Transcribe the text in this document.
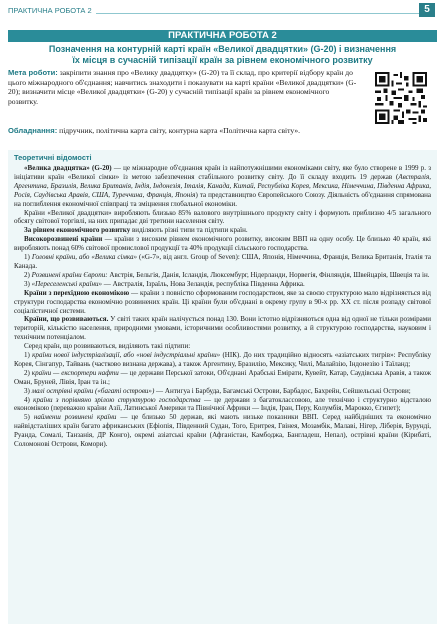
ПРАКТИЧНА РОБОТА 2	5
ПРАКТИЧНА РОБОТА 2
Позначення на контурній карті країн «Великої двадцятки» (G-20) і визначення
їх місця в сучасній типізації країн за рівнем економічного розвитку
Мета роботи: закріпити знання про «Велику двадцятку» (G-20) та її склад, про критерії відбору країн до цього міжнародного об'єднання; навчитись знаходити і показувати на карті країни «Великої двадцятки» (G-20); визначити місце «Великої двадцятки» (G-20) у сучасній типізації країн за рівнем економічного розвитку.
Обладнання: підручник, політична карта світу, контурна карта «Політична карта світу».
Теоретичні відомості

«Велика двадцятка» (G-20) — це міжнародне об'єднання країн із найпотужнішими економіками світу, яке було створене в 1999 р. з ініціативи країн «Великої сімки» із метою забезпечення стабільного розвитку світу. До її складу входить 19 держав (Австралія, Аргентина, Бразилія, Велика Британія, Індія, Індонезія, Італія, Канада, Китай, Республіка Корея, Мексика, Німеччина, Південна Африка, Росія, Саудівська Аравія, США, Туреччина, Франція, Японія) та представництво Європейського Союзу. Діяльність об'єднання спрямована на поглиблення економічної співпраці та зміцнення глобальної економіки.

Країни «Великої двадцятки» виробляють близько 85% валового внутрішнього продукту світу і формують приблизно 4/5 загального обсягу світової торгівлі, на них припадає дві третини населення світу.

За рівнем економічного розвитку виділяють різні типи та підтипи країн.

Високорозвинені країни — країни з високим рівнем економічного розвитку, високим ВВП на одну особу. Це близько 40 країн, які виробляють понад 60% світової промислової продукції та 40% продукції сільського господарства.

1) Головні країни, або «Велика сімка» («G-7», від англ. Group of Seven): США, Японія, Німеччина, Франція, Велика Британія, Італія та Канада.

2) Розвинені країни Європи: Австрія, Бельгія, Данія, Ісландія, Люксембург, Нідерланди, Норвегія, Фінляндія, Швейцарія, Швеція та ін.

3) «Переселенські країни» — Австралія, Ізраїль, Нова Зеландія, республіка Південна Африка.

Країни з перехідною економікою — країни з повністю сформованим господарством, яке за своєю структурою мало відрізняється від структури господарства економічно розвинених країн. Ці країни були об'єднані в окрему групу в 90-х рр. ХХ ст. після розпаду світової соціалістичної системи.

Країни, що розвиваються. У світі таких країн налічується понад 130. Вони істотно відрізняються одна від одної не тільки розмірами територій, кількістю населення, природними умовами, історичними особливостями розвитку, а й структурою господарства, науковим і технічним потенціалом.

Серед країн, що розвиваються, виділяють такі підтипи:

1) країни нової індустріалізації, або «нові індустріальні країни» (НІК). До них традиційно відносять «азіатських тигрів»: Республіку Корея, Сінгапур, Тайвань (частково визнана держава), а також Аргентину, Бразилію, Мексику, Чилі, Малайзію, Індонезію і Таїланд;

2) країни — експортери нафти — це держави Перської затоки, Об'єднані Арабські Емірати, Кувейт, Катар, Саудівська Аравія, а також Оман, Бруней, Лівія, Іран та ін.;

3) малі острівні країни («багаті острови») — Антигуа і Барбуда, Багамські Острови, Барбадос, Бахрейн, Сейшельські Острови;

4) країни з порівняно зрілою структурою господарства — це держави з багатоклассовою, але технічно і структурно відсталою економікою (переважно країни Азії, Латинської Америки та Північної Африки — Індія, Іран, Перу, Колумбія, Марокко, Єгипет);

5) найменш розвинені країни — це близько 50 держав, які мають низьке показники ВВП. Серед найбідніших та економічно найвідсталіших країн багато африканських (Ефіопія, Південний Судан, Того, Еритрея, Гвінея, Мозамбік, Малаві, Нігер, Ліберія, Бурунді, Руанда, Сомалі, Танзанія, ДР Конго), окремі азіатські країни (Афганістан, Камбоджа, Бангладеш, Непал), острівні країни (Кірибаті, Соломонові Острови, Комори).
